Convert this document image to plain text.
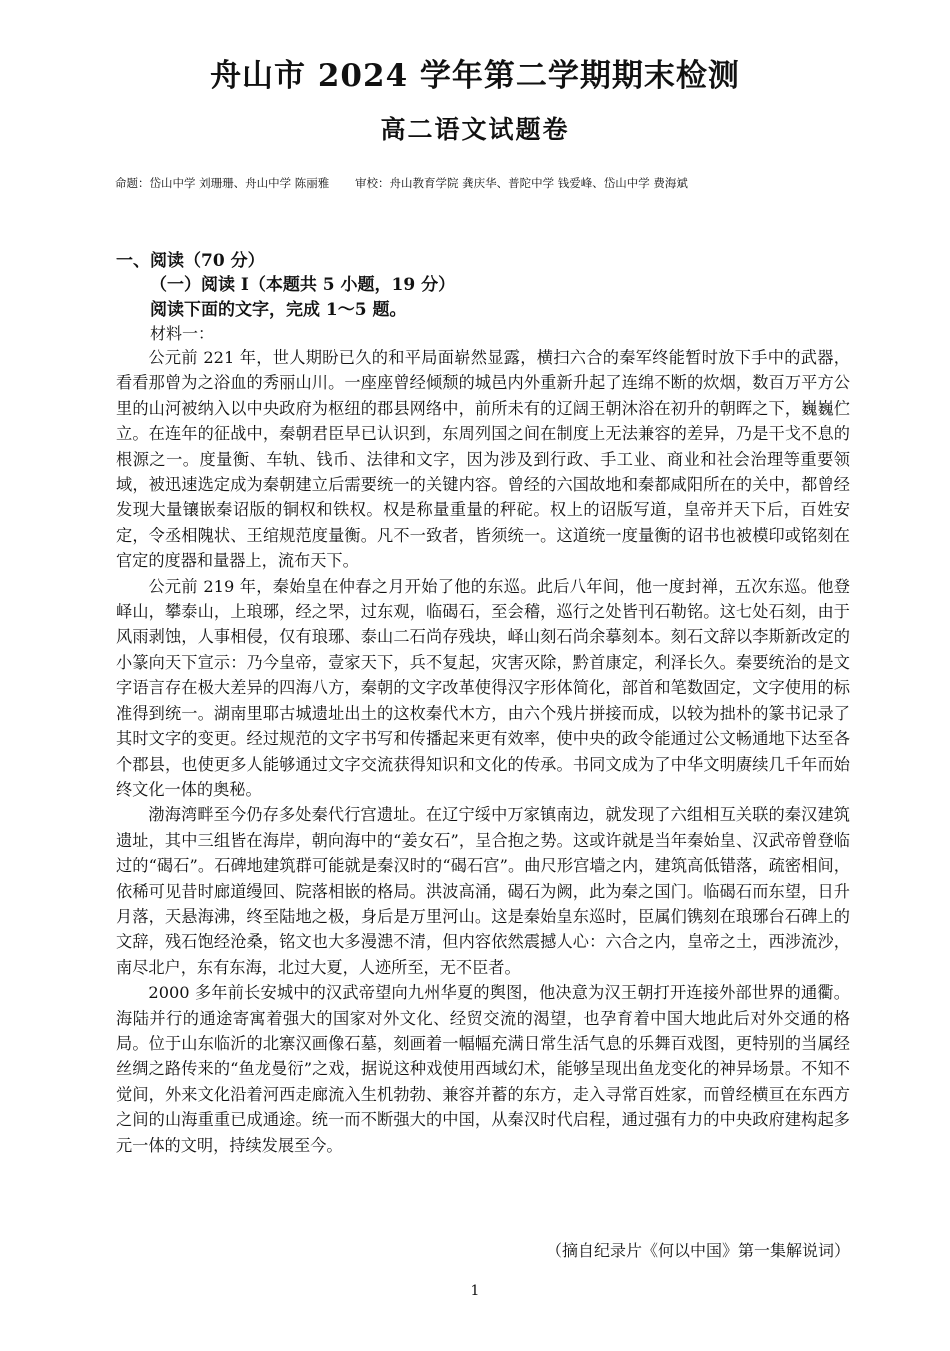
舟山市 2024 学年第二学期期末检测
高二语文试题卷
命题：岱山中学 刘珊珊、舟山中学 陈丽雅 审校：舟山教育学院 龚庆华、普陀中学 钱爱峰、岱山中学 费海斌
一、阅读（70 分）
（一）阅读 I（本题共 5 小题，19 分）
阅读下面的文字，完成 1～5 题。
材料一：

公元前 221 年，世人期盼已久的和平局面崭然显露，横扫六合的秦军终能暂时放下手中的武器，看看那曾为之浴血的秀丽山川。一座座曾经倾颓的城邑内外重新升起了连绵不断的炊烟，数百万平方公里的山河被纳入以中央政府为枢纽的郡县网络中，前所未有的辽阔王朝沐浴在初升的朝晖之下，巍巍伫立。在连年的征战中，秦朝君臣早已认识到，东周列国之间在制度上无法兼容的差异，乃是干戈不息的根源之一。度量衡、车轨、钱币、法律和文字，因为涉及到行政、手工业、商业和社会治理等重要领域，被迅速选定成为秦朝建立后需要统一的关键内容。曾经的六国故地和秦都咸阳所在的关中，都曾经发现大量镶嵌秦诏版的铜权和铁权。权是称量重量的秤砣。权上的诏版写道，皇帝并天下后，百姓安定，令丞相隗状、王绾规范度量衡。凡不一致者，皆须统一。这道统一度量衡的诏书也被模印或铭刻在官定的度器和量器上，流布天下。

公元前 219 年，秦始皇在仲春之月开始了他的东巡。此后八年间，他一度封禅，五次东巡。他登峄山，攀泰山，上琅琊，经之罘，过东观，临碣石，至会稽，巡行之处皆刊石勒铭。这七处石刻，由于风雨剥蚀，人事相侵，仅有琅琊、泰山二石尚存残块，峄山刻石尚余摹刻本。刻石文辞以李斯新改定的小篆向天下宣示：乃今皇帝，壹家天下，兵不复起，灾害灭除，黔首康定，利泽长久。秦要统治的是文字语言存在极大差异的四海八方，秦朝的文字改革使得汉字形体简化，部首和笔数固定，文字使用的标准得到统一。湖南里耶古城遗址出土的这枚秦代木方，由六个残片拼接而成，以较为拙朴的篆书记录了其时文字的变更。经过规范的文字书写和传播起来更有效率，使中央的政令能通过公文畅通地下达至各个郡县，也使更多人能够通过文字交流获得知识和文化的传承。书同文成为了中华文明赓续几千年而始终文化一体的奥秘。

渤海湾畔至今仍存多处秦代行宫遗址。在辽宁绥中万家镇南边，就发现了六组相互关联的秦汉建筑遗址，其中三组皆在海岸，朝向海中的“姜女石”，呈合抱之势。这或许就是当年秦始皇、汉武帝曾登临过的“碣石”。石碑地建筑群可能就是秦汉时的“碣石宫”。曲尺形宫墙之内，建筑高低错落，疏密相间，依稀可见昔时廊道缦回、院落相嵌的格局。洪波高涌，碣石为阙，此为秦之国门。临碣石而东望，日升月落，天悬海沸，终至陆地之极，身后是万里河山。这是秦始皇东巡时，臣属们镌刻在琅琊台石碑上的文辞，残石饱经沧桑，铭文也大多漫漶不清，但内容依然震撼人心：六合之内，皇帝之土，西涉流沙，南尽北户，东有东海，北过大夏，人迹所至，无不臣者。

2000 多年前长安城中的汉武帝望向九州华夏的舆图，他决意为汉王朝打开连接外部世界的通衢。海陆并行的通途寄寓着强大的国家对外文化、经贸交流的渴望，也孕育着中国大地此后对外交通的格局。位于山东临沂的北寨汉画像石墓，刻画着一幅幅充满日常生活气息的乐舞百戏图，更特别的当属经丝绸之路传来的“鱼龙曼衍”之戏，据说这种戏使用西域幻术，能够呈现出鱼龙变化的神异场景。不知不觉间，外来文化沿着河西走廊流入生机勃勃、兼容并蓄的东方，走入寻常百姓家，而曾经横亘在东西方之间的山海重重已成通途。统一而不断强大的中国，从秦汉时代启程，通过强有力的中央政府建构起多元一体的文明，持续发展至今。

（摘自纪录片《何以中国》第一集解说词）
1
